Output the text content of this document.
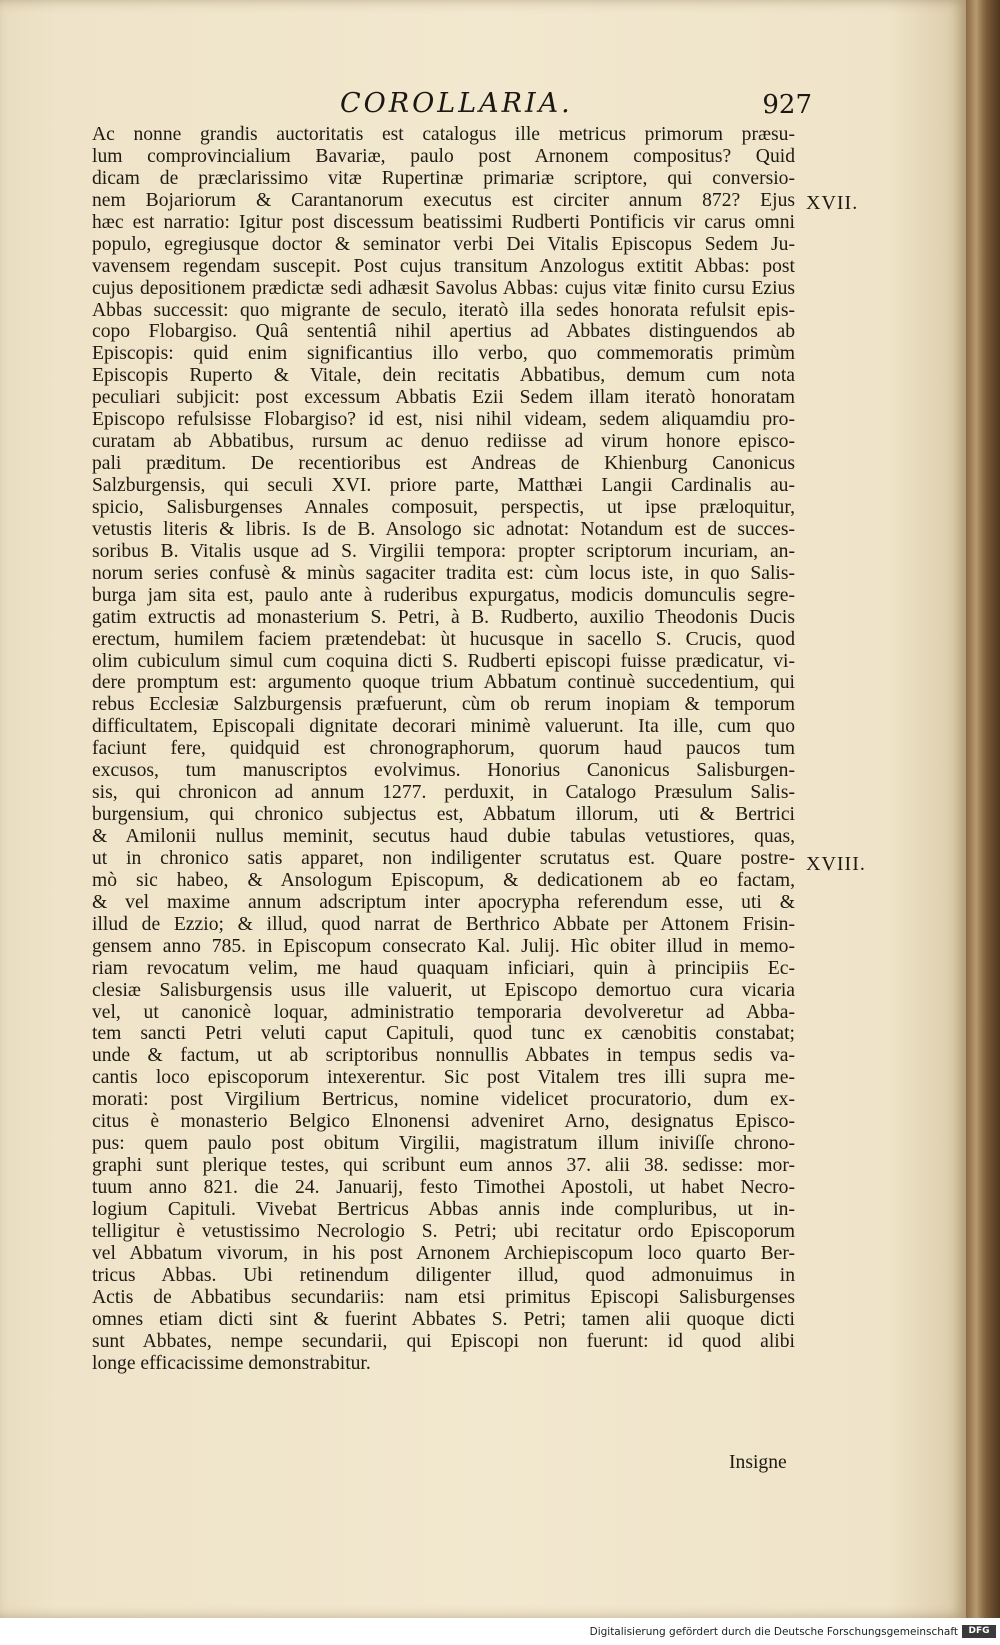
COROLLARIA.	927
Ac nonne grandis auctoritatis est catalogus ille metricus primorum præsu-
lum comprovincialium Bavariæ, paulo post Arnonem compositus? Quid
dicam de præclarissimo vitæ Rupertinæ primariæ scriptore, qui conversio-
nem Bojariorum & Carantanorum executus est circiter annum 872? Ejus
hæc est narratio: Igitur post discessum beatissimi Rudberti Pontificis vir carus omni
populo, egregiusque doctor & seminator verbi Dei Vitalis Episcopus Sedem Ju-
vavensem regendam suscepit. Post cujus transitum Anzologus extitit Abbas: post
cujus depositionem prædictæ sedi adhæsit Savolus Abbas: cujus vitæ finito cursu Ezius
Abbas successit: quo migrante de seculo, iteratò illa sedes honorata refulsit epis-
copo Flobargiso. Quâ sententiâ nihil apertius ad Abbates distinguendos ab
Episcopis: quid enim significantius illo verbo, quo commemoratis primùm
Episcopis Ruperto & Vitale, dein recitatis Abbatibus, demum cum nota
peculiari subjicit: post excessum Abbatis Ezii Sedem illam iteratò honoratam
Episcopo refulsisse Flobargiso? id est, nisi nihil videam, sedem aliquamdiu pro-
curatam ab Abbatibus, rursum ac denuo rediisse ad virum honore episco-
pali præditum. De recentioribus est Andreas de Khienburg Canonicus
Salzburgensis, qui seculi XVI. priore parte, Matthæi Langii Cardinalis au-
spicio, Salisburgenses Annales composuit, perspectis, ut ipse præloquitur,
vetustis literis & libris. Is de B. Ansologo sic adnotat: Notandum est de succes-
soribus B. Vitalis usque ad S. Virgilii tempora: propter scriptorum incuriam, an-
norum series confusè & minùs sagaciter tradita est: cùm locus iste, in quo Salis-
burga jam sita est, paulo ante à ruderibus expurgatus, modicis domunculis segre-
gatim extructis ad monasterium S. Petri, à B. Rudberto, auxilio Theodonis Ducis
erectum, humilem faciem prætendebat: ùt hucusque in sacello S. Crucis, quod
olim cubiculum simul cum coquina dicti S. Rudberti episcopi fuisse prædicatur, vi-
dere promptum est: argumento quoque trium Abbatum continuè succedentium, qui
rebus Ecclesiæ Salzburgensis præfuerunt, cùm ob rerum inopiam & temporum
difficultatem, Episcopali dignitate decorari minimè valuerunt. Ita ille, cum quo
faciunt fere, quidquid est chronographorum, quorum haud paucos tum
excusos, tum manuscriptos evolvimus. Honorius Canonicus Salisburgen-
sis, qui chronicon ad annum 1277. perduxit, in Catalogo Præsulum Salis-
burgensium, qui chronico subjectus est, Abbatum illorum, uti & Bertrici
& Amilonii nullus meminit, secutus haud dubie tabulas vetustiores, quas,
ut in chronico satis apparet, non indiligenter scrutatus est. Quare postre-
mò sic habeo, & Ansologum Episcopum, & dedicationem ab eo factam,
& vel maxime annum adscriptum inter apocrypha referendum esse, uti &
illud de Ezzio; & illud, quod narrat de Berthrico Abbate per Attonem Frisin-
gensem anno 785. in Episcopum consecrato Kal. Julij. Hìc obiter illud in memo-
riam revocatum velim, me haud quaquam inficiari, quin à principiis Ec-
clesiæ Salisburgensis usus ille valuerit, ut Episcopo demortuo cura vicaria
vel, ut canonicè loquar, administratio temporaria devolveretur ad Abba-
tem sancti Petri veluti caput Capituli, quod tunc ex cænobitis constabat;
unde & factum, ut ab scriptoribus nonnullis Abbates in tempus sedis va-
cantis loco episcoporum intexerentur. Sic post Vitalem tres illi supra me-
morati: post Virgilium Bertricus, nomine videlicet procuratorio, dum ex-
citus è monasterio Belgico Elnonensi adveniret Arno, designatus Episco-
pus: quem paulo post obitum Virgilii, magistratum illum iniviſſe chrono-
graphi sunt plerique testes, qui scribunt eum annos 37. alii 38. sedisse: mor-
tuum anno 821. die 24. Januarij, festo Timothei Apostoli, ut habet Necro-
logium Capituli. Vivebat Bertricus Abbas annis inde compluribus, ut in-
telligitur è vetustissimo Necrologio S. Petri; ubi recitatur ordo Episcoporum
vel Abbatum vivorum, in his post Arnonem Archiepiscopum loco quarto Ber-
tricus Abbas. Ubi retinendum diligenter illud, quod admonuimus in
Actis de Abbatibus secundariis: nam etsi primitus Episcopi Salisburgenses
omnes etiam dicti sint & fuerint Abbates S. Petri; tamen alii quoque dicti
sunt Abbates, nempe secundarii, qui Episcopi non fuerunt: id quod alibi
longe efficacissime demonstrabitur.
XVII.
XVIII.
Insigne
Digitalisierung gefördert durch die Deutsche Forschungsgemeinschaft	DFG
